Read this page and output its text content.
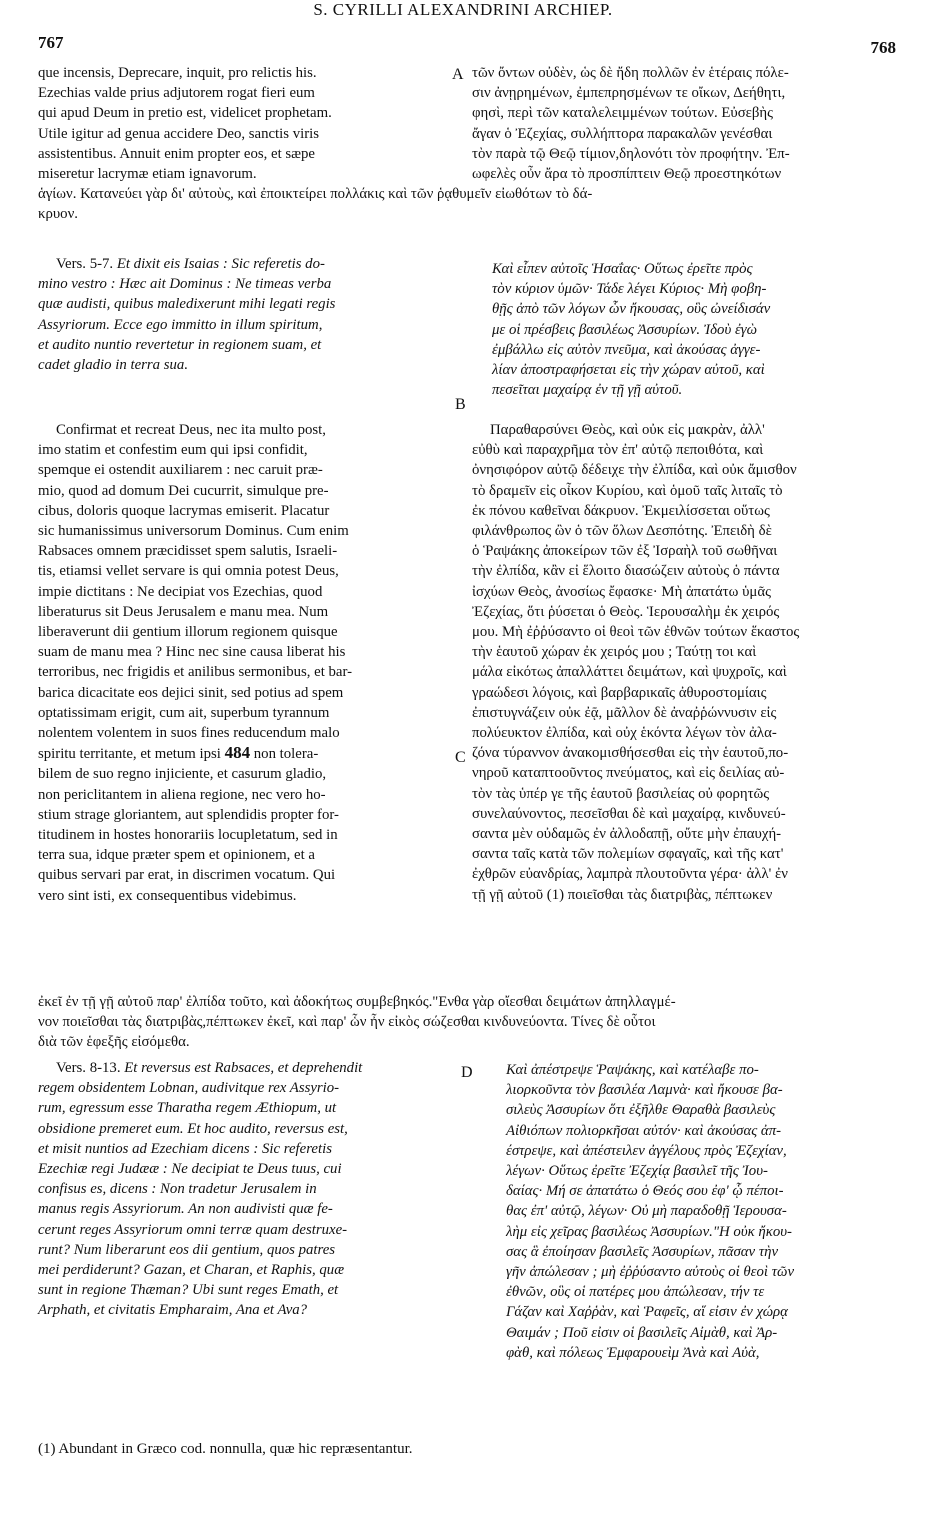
767
S. CYRILLI ALEXANDRINI ARCHIEP.
768
que incensis, Deprecare, inquit, pro relictis his.
Ezechias valde prius adjutorem rogat fieri eum
qui apud Deum in pretio est, videlicet prophetam.
Utile igitur ad genua accidere Deo, sanctis viris
assistentibus. Annuit enim propter eos, et sæpe
miseretur lacrymæ etiam ignavorum.
A τῶν ὄντων οὐδὲν, ὡς δὲ ἤδη πολλῶν ἐν ἑτέραις πόλε-
σιν ἀνῃρημένων, ἐμπεπρησμένων τε οἴκων, Δεήθητι,
φησὶ, περὶ τῶν καταλελειμμένων τούτων. Εὐσεβὴς
ἄγαν ὁ Ἐζεχίας, συλλήπτορα παρακαλῶν γενέσθαι
τὸν παρὰ τῷ Θεῷ τίμιον,δηλονότι τὸν προφήτην. Ἐπ-
ωφελὲς οὖν ἄρα τὸ προσπίπτειν Θεῷ προεστηκότων
ἁγίων. Κατανεύει γὰρ δι' αὐτοὺς, καὶ ἐποικτείρει πολλάκις καὶ τῶν ῥᾳθυμεῖν εἰωθότων τὸ δά-
κρυον.
Vers. 5-7. Et dixit eis Isaias : Sic referetis do-
mino vestro : Hæc ait Dominus : Ne timeas verba
quæ audisti, quibus maledixerunt mihi legati regis
Assyriorum. Ecce ego immitto in illum spiritum,
et audito nuntio revertetur in regionem suam, et
cadet gladio in terra sua.
Καὶ εἶπεν αὐτοῖς Ἡσαΐας· Οὕτως ἐρεῖτε πρὸς
τὸν κύριον ὑμῶν· Τάδε λέγει Κύριος· Μὴ φοβη-
θῇς ἀπὸ τῶν λόγων ὧν ἤκουσας, οὓς ὠνείδισάν
με οἱ πρέσβεις βασιλέως Ἀσσυρίων. Ἰδοὺ ἐγὼ
ἐμβάλλω εἰς αὐτὸν πνεῦμα, καὶ ἀκούσας ἀγγε-
λίαν ἀποστραφήσεται εἰς τὴν χώραν αὐτοῦ, καὶ
πεσεῖται μαχαίρᾳ ἐν τῇ γῇ αὐτοῦ.
B
Confirmat et recreat Deus, nec ita multo post,
imo statim et confestim eum qui ipsi confidit,
spemque ei ostendit auxiliarem : nec caruit præ-
mio, quod ad domum Dei cucurrit, simulque pre-
cibus, doloris quoque lacrymas emiserit. Placatur
sic humanissimus universorum Dominus. Cum enim
Rabsaces omnem præcidisset spem salutis, Israeli-
tis, etiamsi vellet servare is qui omnia potest Deus,
impie dictitans : Ne decipiat vos Ezechias, quod
liberaturus sit Deus Jerusalem e manu mea. Num
liberaverunt dii gentium illorum regionem quisque
suam de manu mea ? Hinc nec sine causa liberat his
terroribus, nec frigidis et anilibus sermonibus, et bar-
barica dicacitate eos dejici sinit, sed potius ad spem
optatissimam erigit, cum ait, superbum tyrannum
nolentem volentem in suos fines reducendum malo
spiritu territante, et metum ipsi 484 non tolera-
bilem de suo regno injiciente, et casurum gladio,
non periclitantem in aliena regione, nec vero ho-
stium strage gloriantem, aut splendidis propter for-
titudinem in hostes honorariis locupletatum, sed in
terra sua, idque præter spem et opinionem, et a
quibus servari par erat, in discrimen vocatum. Qui
vero sint isti, ex consequentibus videbimus.
C
Παραθαρσύνει Θεὸς, καὶ οὐκ εἰς μακρὰν, ἀλλ'
εὐθὺ καὶ παραχρῆμα τὸν ἐπ' αὐτῷ πεποιθότα, καὶ
ὀνησιφόρον αὐτῷ δέδειχε τὴν ἐλπίδα, καὶ οὐκ ἄμισθον
τὸ δραμεῖν εἰς οἶκον Κυρίου, καὶ ὁμοῦ ταῖς λιταῖς τὸ
ἐκ πόνου καθεῖναι δάκρυον. Ἐκμειλίσσεται οὕτως
φιλάνθρωπος ὢν ὁ τῶν ὅλων Δεσπότης. Ἐπειδὴ δὲ
ὁ Ῥαψάκης ἀποκείρων τῶν ἐξ Ἰσραὴλ τοῦ σωθῆναι
τὴν ἐλπίδα, κἂν εἰ ἕλοιτο διασώζειν αὐτοὺς ὁ πάντα
ἰσχύων Θεὸς, ἀνοσίως ἔφασκε· Μὴ ἀπατάτω ὑμᾶς
Ἐζεχίας, ὅτι ῥύσεται ὁ Θεὸς. Ἱερουσαλὴμ ἐκ χειρός
μου. Μὴ ἐῤῥύσαντο οἱ θεοὶ τῶν ἐθνῶν τούτων ἕκαστος
τὴν ἑαυτοῦ χώραν ἐκ χειρός μου ; Ταύτῃ τοι καὶ
μάλα εἰκότως ἀπαλλάττει δειμάτων, καὶ ψυχροῖς, καὶ
γραώδεσι λόγοις, καὶ βαρβαρικαῖς ἀθυροστομίαις
ἐπιστυγνάζειν οὐκ ἐᾷ, μᾶλλον δὲ ἀναῤῥώννυσιν εἰς
πολύευκτον ἐλπίδα, καὶ οὐχ ἑκόντα λέγων τὸν ἀλα-
ζόνα τύραννον ἀνακομισθήσεσθαι εἰς τὴν ἑαυτοῦ,πο-
νηροῦ καταπτοοῦντος πνεύματος, καὶ εἰς δειλίας αὐ-
τὸν τὰς ὑπέρ γε τῆς ἑαυτοῦ βασιλείας οὐ φορητῶς
συνελαύνοντος, πεσεῖσθαι δὲ καὶ μαχαίρᾳ, κινδυνεύ-
σαντα μὲν οὐδαμῶς ἐν ἀλλοδαπῇ, οὔτε μὴν ἐπαυχή-
σαντα ταῖς κατὰ τῶν πολεμίων σφαγαῖς, καὶ τῆς κατ'
ἐχθρῶν εὐανδρίας, λαμπρὰ πλουτοῦντα γέρα· ἀλλ' ἐν
τῇ γῇ αὐτοῦ (1) ποιεῖσθαι τὰς διατριβὰς, πέπτωκεν
ἐκεῖ ἐν τῇ γῇ αὐτοῦ παρ' ἐλπίδα τοῦτο, καὶ ἀδοκήτως συμβεβηκός."Ενθα γὰρ οἴεσθαι δειμάτων ἀπηλλαγμέ-
νον ποιεῖσθαι τὰς διατριβὰς,πέπτωκεν ἐκεῖ, καὶ παρ' ὧν ἦν εἰκὸς σώζεσθαι κινδυνεύοντα. Τίνες δὲ οὗτοι
διὰ τῶν ἑφεξῆς εἰσόμεθα.
Vers. 8-13. Et reversus est Rabsaces, et deprehendit
regem obsidentem Lobnan, audivitque rex Assyrio-
rum, egressum esse Tharatha regem Æthiopum, ut
obsidione premeret eum. Et hoc audito, reversus est,
et misit nuntios ad Ezechiam dicens : Sic referetis
Ezechiæ regi Judææ : Ne decipiat te Deus tuus, cui
confisus es, dicens : Non tradetur Jerusalem in
manus regis Assyriorum. An non audivisti quæ fe-
cerunt reges Assyriorum omni terræ quam destruxe-
runt? Num liberarunt eos dii gentium, quos patres
mei perdiderunt? Gazan, et Charan, et Raphis, quæ
sunt in regione Thæman? Ubi sunt reges Emath, et
Arphath, et civitatis Empharaim, Ana et Ava?
D Καὶ ἀπέστρεψε Ῥαψάκης, καὶ κατέλαβε πο-
λιορκοῦντα τὸν βασιλέα Λαμνὰ· καὶ ἤκουσε βα-
σιλεὺς Ἀσσυρίων ὅτι ἐξῆλθε Θαραθὰ βασιλεὺς
Αἰθιόπων πολιορκῆσαι αὐτόν· καὶ ἀκούσας ἀπ-
έστρεψε, καὶ ἀπέστειλεν ἀγγέλους πρὸς Ἐζεχίαν,
λέγων· Οὕτως ἐρεῖτε Ἐζεχίᾳ βασιλεῖ τῆς Ἰου-
δαίας· Μή σε ἀπατάτω ὁ Θεός σου ἐφ' ᾧ πέποι-
θας ἐπ' αὐτῷ, λέγων· Οὐ μὴ παραδοθῇ Ἱερουσα-
λὴμ εἰς χεῖρας βασιλέως Ἀσσυρίων."Η οὐκ ἤκου-
σας ἃ ἐποίησαν βασιλεῖς Ἀσσυρίων, πᾶσαν τὴν
γῆν ἀπώλεσαν ; μὴ ἐῤῥύσαντο αὐτοὺς οἱ θεοὶ τῶν
ἐθνῶν, οὓς οἱ πατέρες μου ἀπώλεσαν, τήν τε
Γάζαν καὶ Χαῤῥὰν, καὶ Ῥαφεῖς, αἵ εἰσιν ἐν χώρᾳ
Θαιμάν ; Ποῦ εἰσιν οἱ βασιλεῖς Αἰμὰθ, καὶ Ἀρ-
φὰθ, καὶ πόλεως Ἐμφαρουεὶμ Ἀνὰ καὶ Αὐὰ,
(1) Abundant in Græco cod. nonnulla, quæ hic repræsentantur.
